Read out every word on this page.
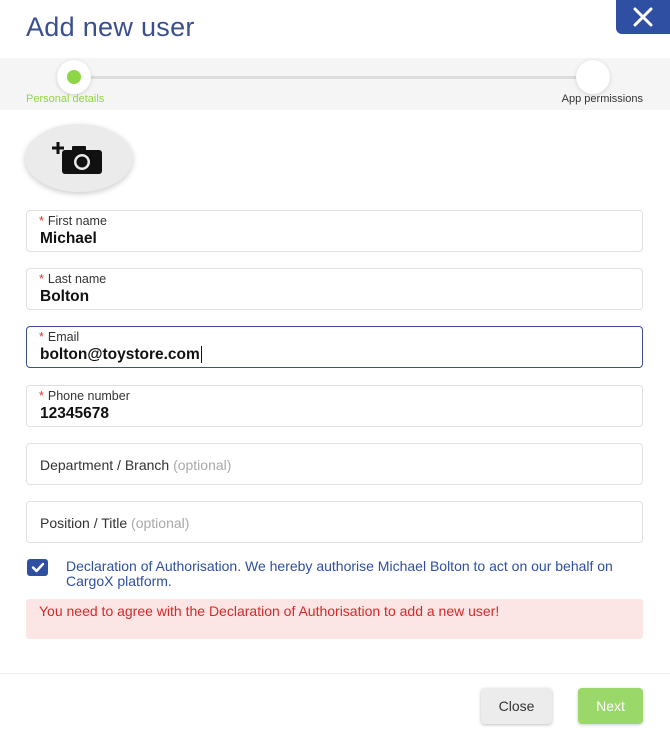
Add new user
Personal details	App permissions
* First name
Michael
* Last name
Bolton
* Email
bolton@toystore.com
* Phone number
12345678
Department / Branch (optional)
Position / Title (optional)
Declaration of Authorisation. We hereby authorise Michael Bolton to act on our behalf on CargoX platform.
You need to agree with the Declaration of Authorisation to add a new user!
Close	Next
